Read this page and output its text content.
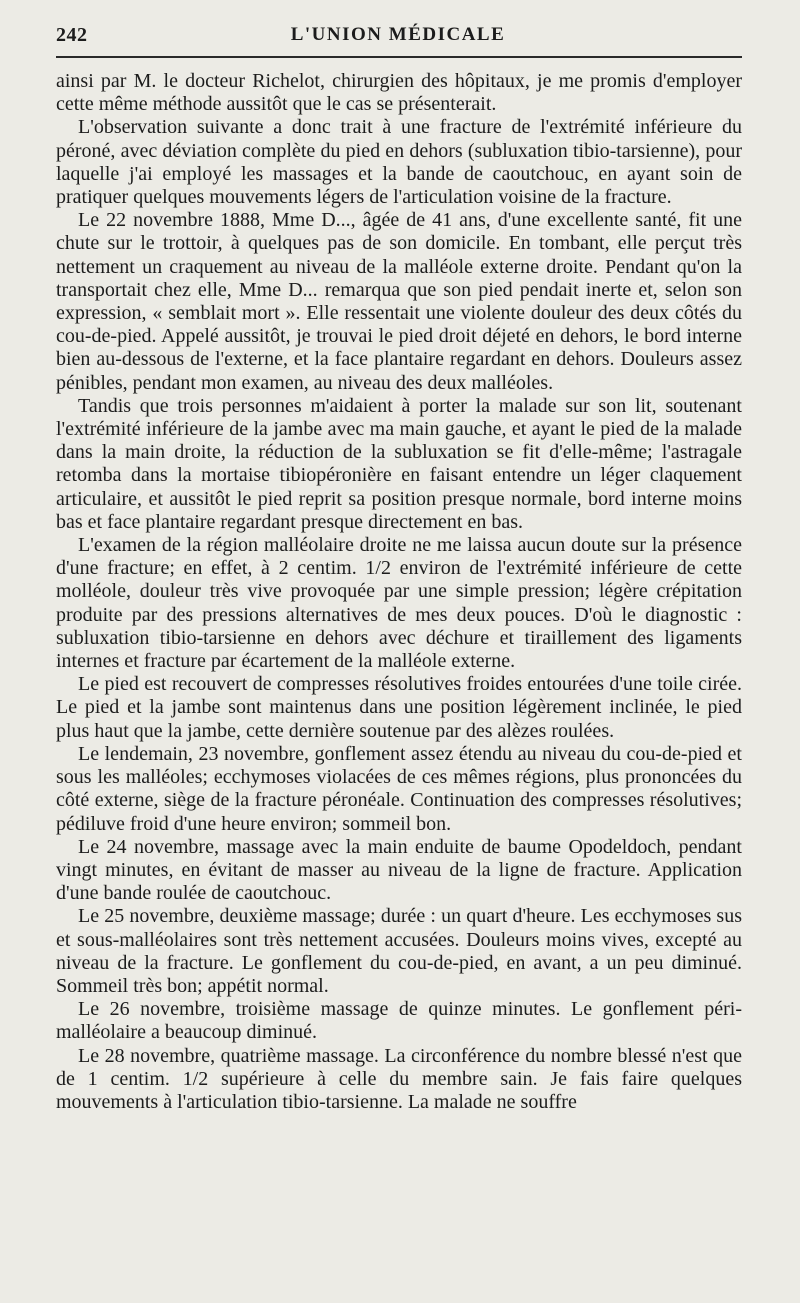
242	L'UNION MÉDICALE

ainsi par M. le docteur Richelot, chirurgien des hôpitaux, je me promis d'employer cette même méthode aussitôt que le cas se présenterait.

L'observation suivante a donc trait à une fracture de l'extrémité inférieure du péroné, avec déviation complète du pied en dehors (subluxation tibio-tarsienne), pour laquelle j'ai employé les massages et la bande de caoutchouc, en ayant soin de pratiquer quelques mouvements légers de l'articulation voisine de la fracture.

Le 22 novembre 1888, Mme D..., âgée de 41 ans, d'une excellente santé, fit une chute sur le trottoir, à quelques pas de son domicile. En tombant, elle perçut très nettement un craquement au niveau de la malléole externe droite. Pendant qu'on la transportait chez elle, Mme D... remarqua que son pied pendait inerte et, selon son expression, « semblait mort ». Elle ressentait une violente douleur des deux côtés du cou-de-pied. Appelé aussitôt, je trouvai le pied droit déjeté en dehors, le bord interne bien au-dessous de l'externe, et la face plantaire regardant en dehors. Douleurs assez pénibles, pendant mon examen, au niveau des deux malléoles.

Tandis que trois personnes m'aidaient à porter la malade sur son lit, soutenant l'extrémité inférieure de la jambe avec ma main gauche, et ayant le pied de la malade dans la main droite, la réduction de la subluxation se fit d'elle-même; l'astragale retomba dans la mortaise tibiopéronière en faisant entendre un léger claquement articulaire, et aussitôt le pied reprit sa position presque normale, bord interne moins bas et face plantaire regardant presque directement en bas.

L'examen de la région malléolaire droite ne me laissa aucun doute sur la présence d'une fracture; en effet, à 2 centim. 1/2 environ de l'extrémité inférieure de cette molléole, douleur très vive provoquée par une simple pression; légère crépitation produite par des pressions alternatives de mes deux pouces. D'où le diagnostic : subluxation tibio-tarsienne en dehors avec déchure et tiraillement des ligaments internes et fracture par écartement de la malléole externe.

Le pied est recouvert de compresses résolutives froides entourées d'une toile cirée. Le pied et la jambe sont maintenus dans une position légèrement inclinée, le pied plus haut que la jambe, cette dernière soutenue par des alèzes roulées.

Le lendemain, 23 novembre, gonflement assez étendu au niveau du cou-de-pied et sous les malléoles; ecchymoses violacées de ces mêmes régions, plus prononcées du côté externe, siège de la fracture péronéale. Continuation des compresses résolutives; pédiluve froid d'une heure environ; sommeil bon.

Le 24 novembre, massage avec la main enduite de baume Opodeldoch, pendant vingt minutes, en évitant de masser au niveau de la ligne de fracture. Application d'une bande roulée de caoutchouc.

Le 25 novembre, deuxième massage; durée : un quart d'heure. Les ecchymoses sus et sous-malléolaires sont très nettement accusées. Douleurs moins vives, excepté au niveau de la fracture. Le gonflement du cou-de-pied, en avant, a un peu diminué. Sommeil très bon; appétit normal.

Le 26 novembre, troisième massage de quinze minutes. Le gonflement péri-malléolaire a beaucoup diminué.

Le 28 novembre, quatrième massage. La circonférence du nombre blessé n'est que de 1 centim. 1/2 supérieure à celle du membre sain. Je fais faire quelques mouvements à l'articulation tibio-tarsienne. La malade ne souffre
